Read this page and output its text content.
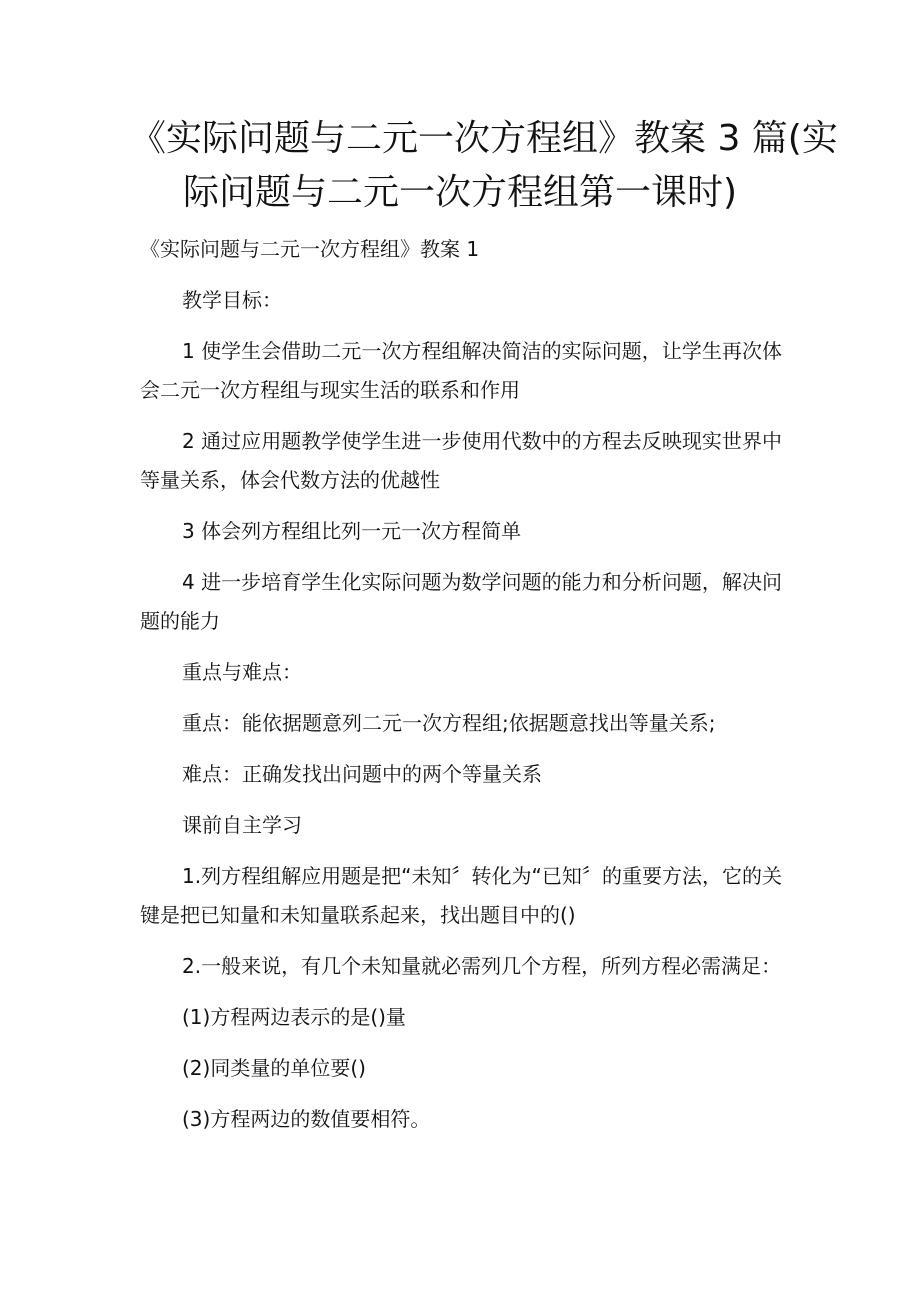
《实际问题与二元一次方程组》教案 3 篇(实
际问题与二元一次方程组第一课时)

《实际问题与二元一次方程组》教案 1

教学目标：

1 使学生会借助二元一次方程组解决简洁的实际问题，让学生再次体会二元一次方程组与现实生活的联系和作用

2 通过应用题教学使学生进一步使用代数中的方程去反映现实世界中等量关系，体会代数方法的优越性

3 体会列方程组比列一元一次方程简单

4 进一步培育学生化实际问题为数学问题的能力和分析问题，解决问题的能力

重点与难点：

重点：能依据题意列二元一次方程组;依据题意找出等量关系;

难点：正确发找出问题中的两个等量关系

课前自主学习

1.列方程组解应用题是把“未知〞转化为“已知〞的重要方法，它的关键是把已知量和未知量联系起来，找出题目中的()

2.一般来说，有几个未知量就必需列几个方程，所列方程必需满足：

(1)方程两边表示的是()量

(2)同类量的单位要()

(3)方程两边的数值要相符。
